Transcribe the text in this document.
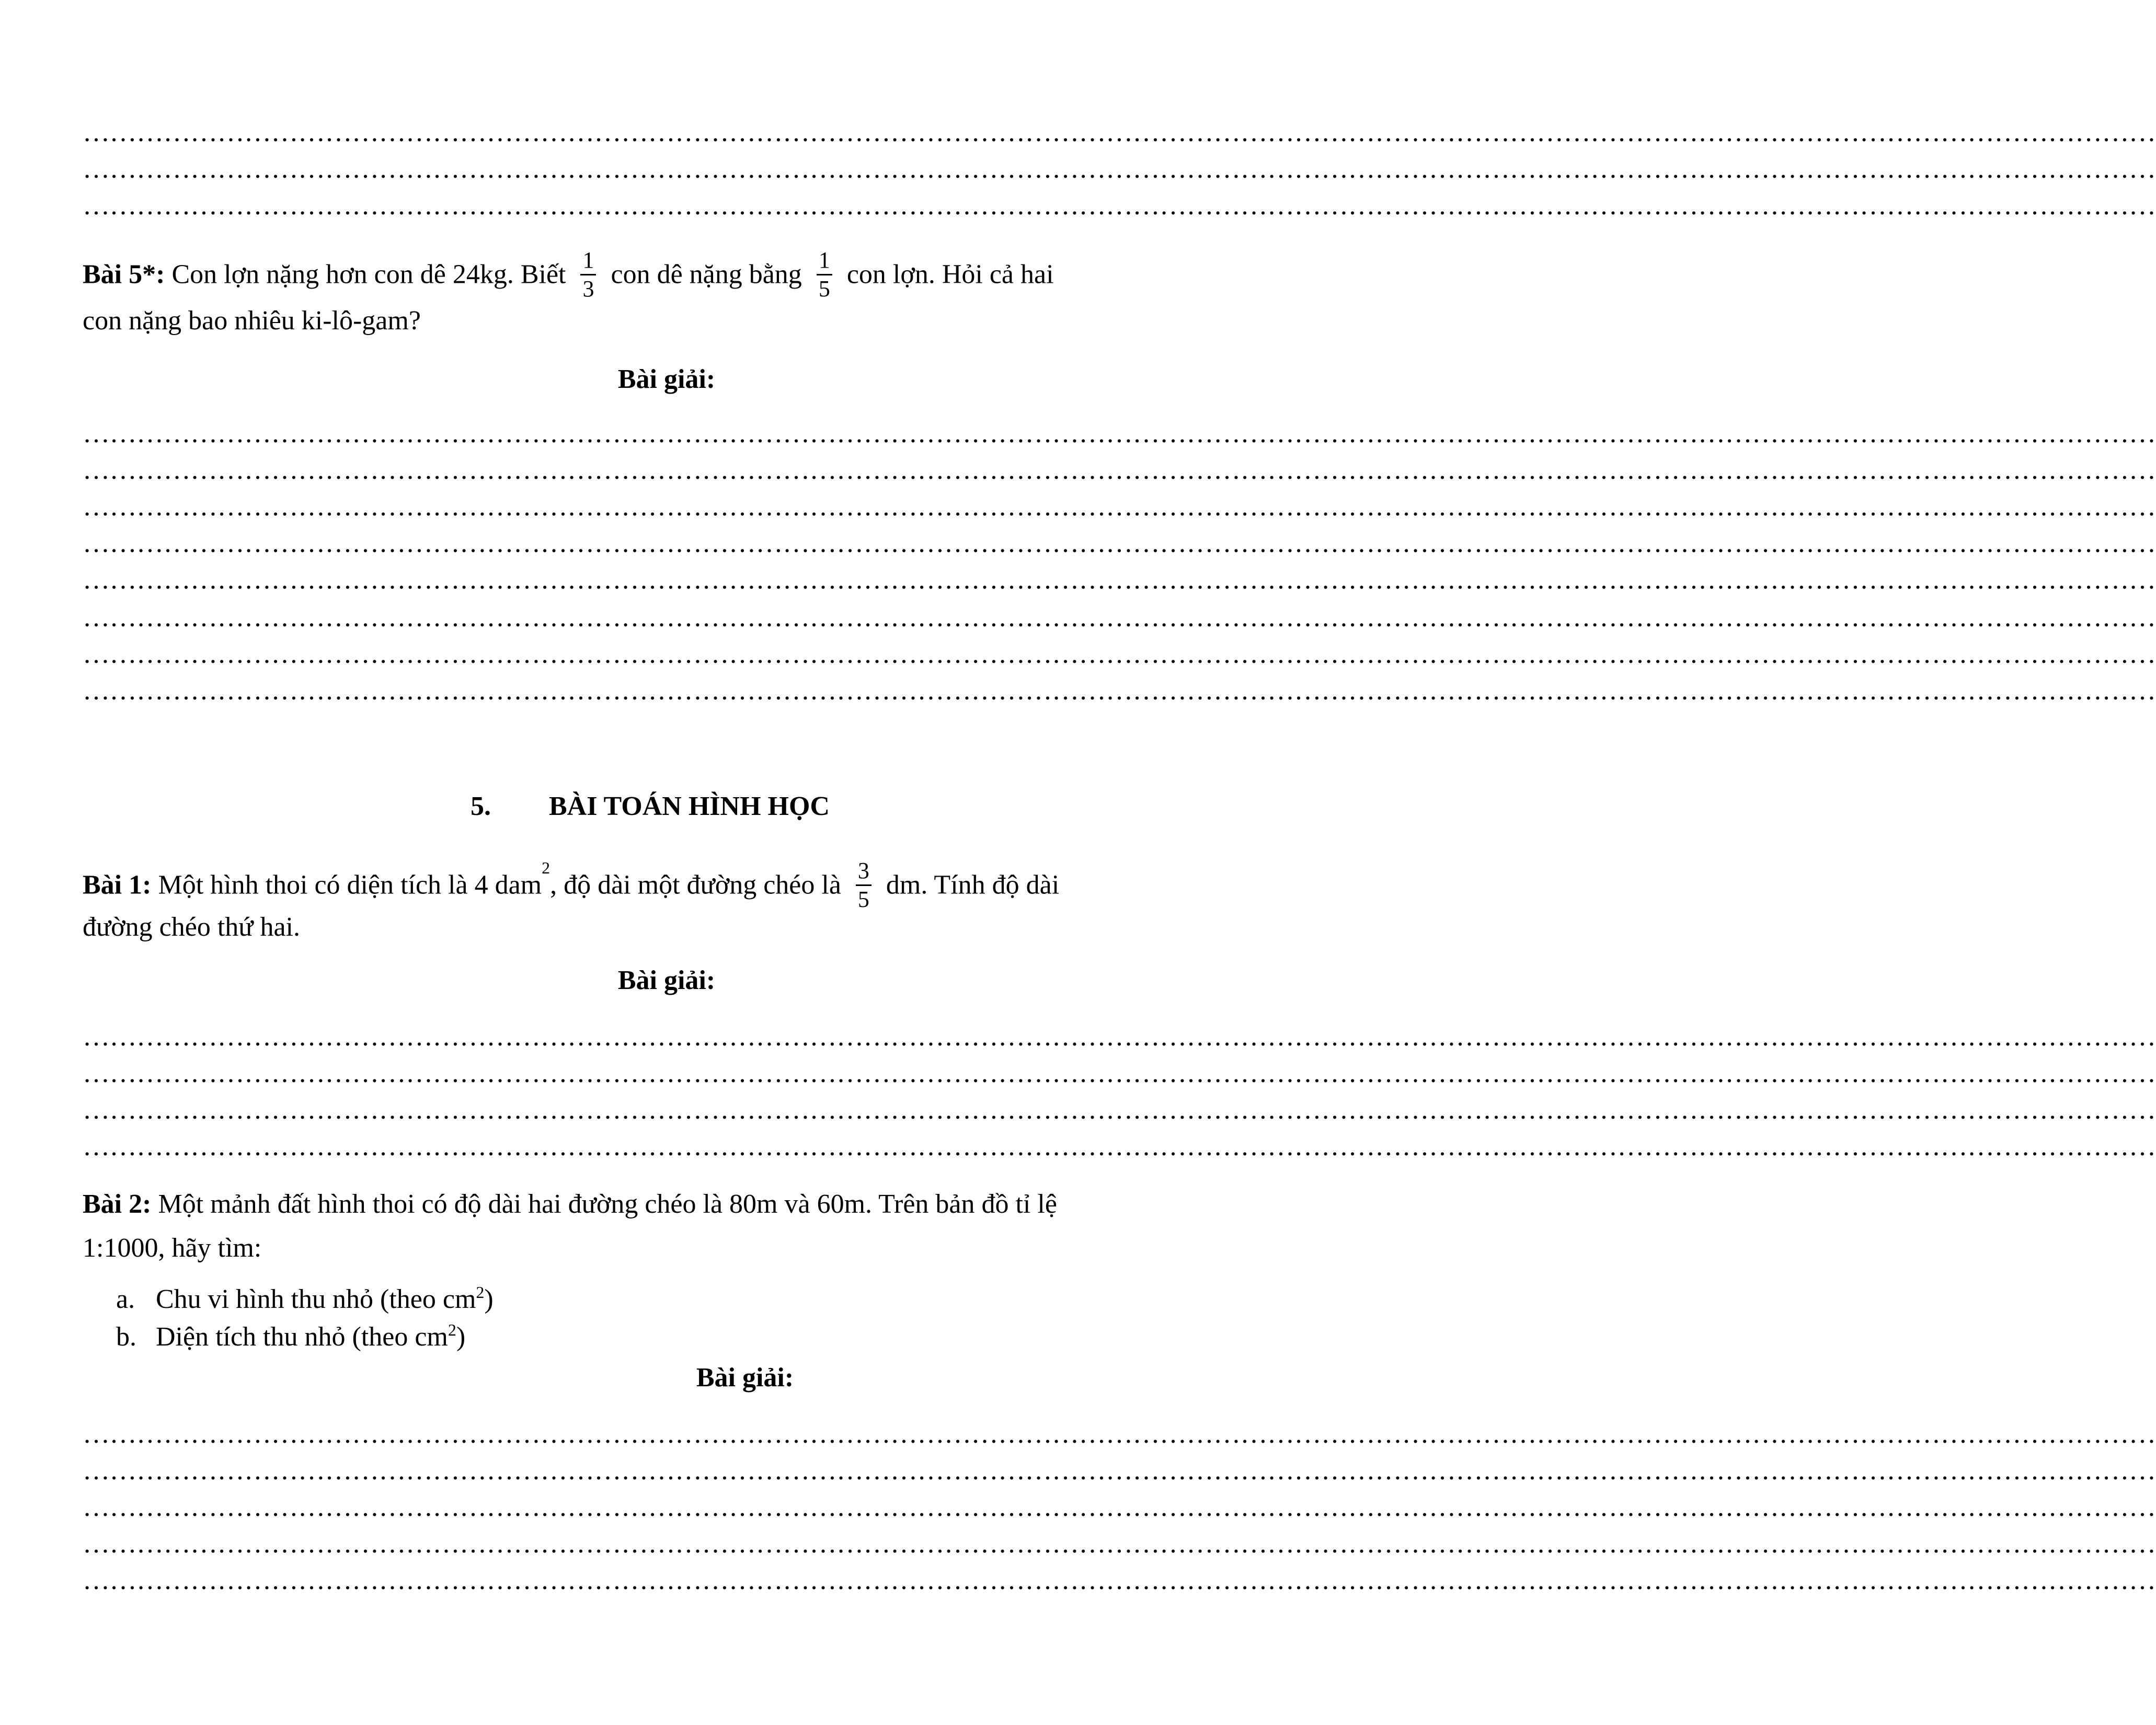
……………………………………………………………………………………………………………………………………………………………………………………………………………
……………………………………………………………………………………………………………………………………………………………………………………………………………
……………………………………………………………………………………………………………………………………………………………………………………………………………
Bài 5*: Con lợn nặng hơn con dê 24kg. Biết $\frac{1}{3}$ con dê nặng bằng $\frac{1}{5}$ con lợn. Hỏi cả hai
con nặng bao nhiêu ki-lô-gam?
Bài giải:
……………………………………………………………………………………………………………………………………………………………………………………………………………
……………………………………………………………………………………………………………………………………………………………………………………………………………
……………………………………………………………………………………………………………………………………………………………………………………………………………
……………………………………………………………………………………………………………………………………………………………………………………………………………
……………………………………………………………………………………………………………………………………………………………………………………………………………
……………………………………………………………………………………………………………………………………………………………………………………………………………
……………………………………………………………………………………………………………………………………………………………………………………………………………
……………………………………………………………………………………………………………………………………………………………………………………………………………
5. BÀI TOÁN HÌNH HỌC
Bài 1: Một hình thoi có diện tích là 4 dam$^2$, độ dài một đường chéo là $\frac{3}{5}$ dm. Tính độ dài
đường chéo thứ hai.
Bài giải:
……………………………………………………………………………………………………………………………………………………………………………………………………………
……………………………………………………………………………………………………………………………………………………………………………………………………………
……………………………………………………………………………………………………………………………………………………………………………………………………………
……………………………………………………………………………………………………………………………………………………………………………………………………………
Bài 2: Một mảnh đất hình thoi có độ dài hai đường chéo là 80m và 60m. Trên bản đồ tỉ lệ
1:1000, hãy tìm:
a. Chu vi hình thu nhỏ (theo $cm^2$)
b. Diện tích thu nhỏ (theo $cm^2$)
Bài giải:
……………………………………………………………………………………………………………………………………………………………………………………………………………
……………………………………………………………………………………………………………………………………………………………………………………………………………
……………………………………………………………………………………………………………………………………………………………………………………………………………
……………………………………………………………………………………………………………………………………………………………………………………………………………
……………………………………………………………………………………………………………………………………………………………………………………………………………
